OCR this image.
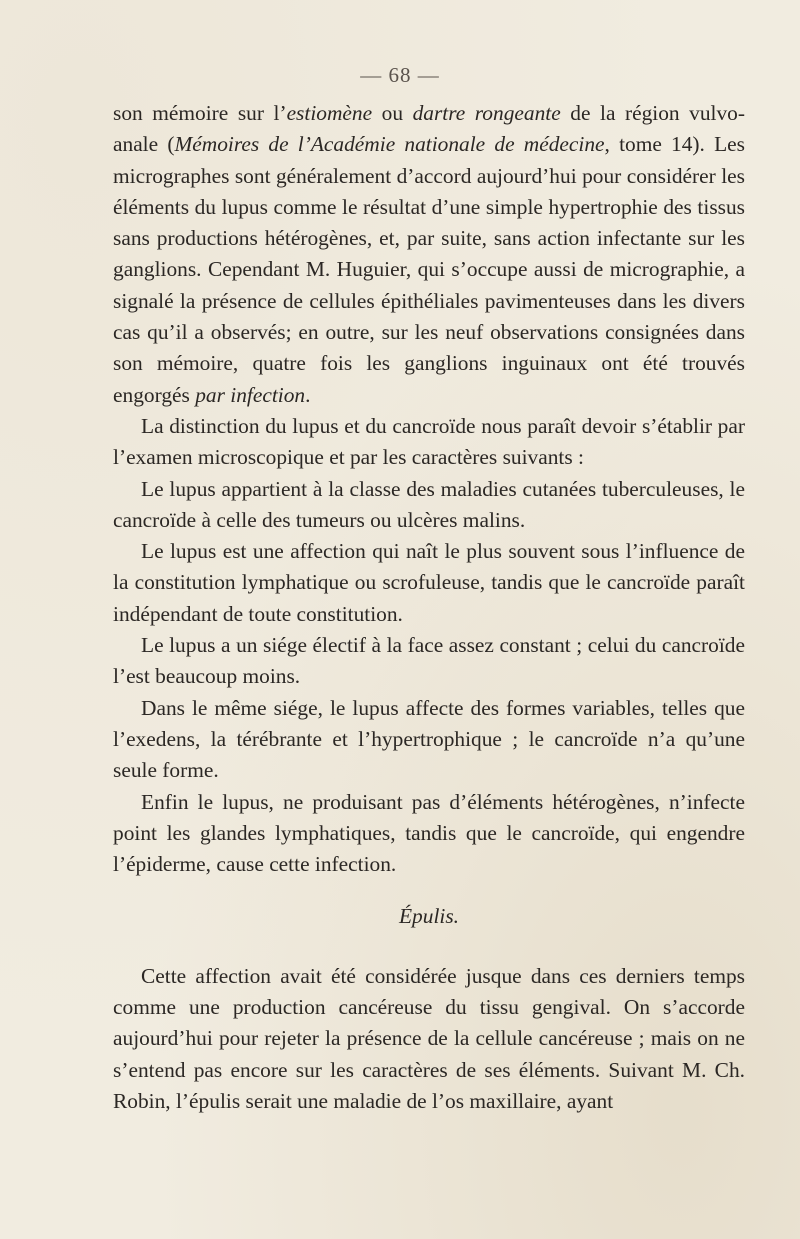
— 68 —

son mémoire sur l’estiomène ou dartre rongeante de la région vulvo-anale (Mémoires de l’Académie nationale de médecine, tome 14). Les micrographes sont généralement d’accord aujourd’hui pour considérer les éléments du lupus comme le résultat d’une simple hypertrophie des tissus sans productions hétérogènes, et, par suite, sans action infectante sur les ganglions. Cependant M. Huguier, qui s’occupe aussi de micrographie, a signalé la présence de cellules épithéliales pavimenteuses dans les divers cas qu’il a observés; en outre, sur les neuf observations consignées dans son mémoire, quatre fois les ganglions inguinaux ont été trouvés engorgés par infection.

La distinction du lupus et du cancroïde nous paraît devoir s’établir par l’examen microscopique et par les caractères suivants :

Le lupus appartient à la classe des maladies cutanées tuberculeuses, le cancroïde à celle des tumeurs ou ulcères malins.

Le lupus est une affection qui naît le plus souvent sous l’influence de la constitution lymphatique ou scrofuleuse, tandis que le cancroïde paraît indépendant de toute constitution.

Le lupus a un siége électif à la face assez constant ; celui du cancroïde l’est beaucoup moins.

Dans le même siége, le lupus affecte des formes variables, telles que l’exedens, la térébrante et l’hypertrophique ; le cancroïde n’a qu’une seule forme.

Enfin le lupus, ne produisant pas d’éléments hétérogènes, n’infecte point les glandes lymphatiques, tandis que le cancroïde, qui engendre l’épiderme, cause cette infection.

Épulis.

Cette affection avait été considérée jusque dans ces derniers temps comme une production cancéreuse du tissu gengival. On s’accorde aujourd’hui pour rejeter la présence de la cellule cancéreuse ; mais on ne s’entend pas encore sur les caractères de ses éléments. Suivant M. Ch. Robin, l’épulis serait une maladie de l’os maxillaire, ayant
